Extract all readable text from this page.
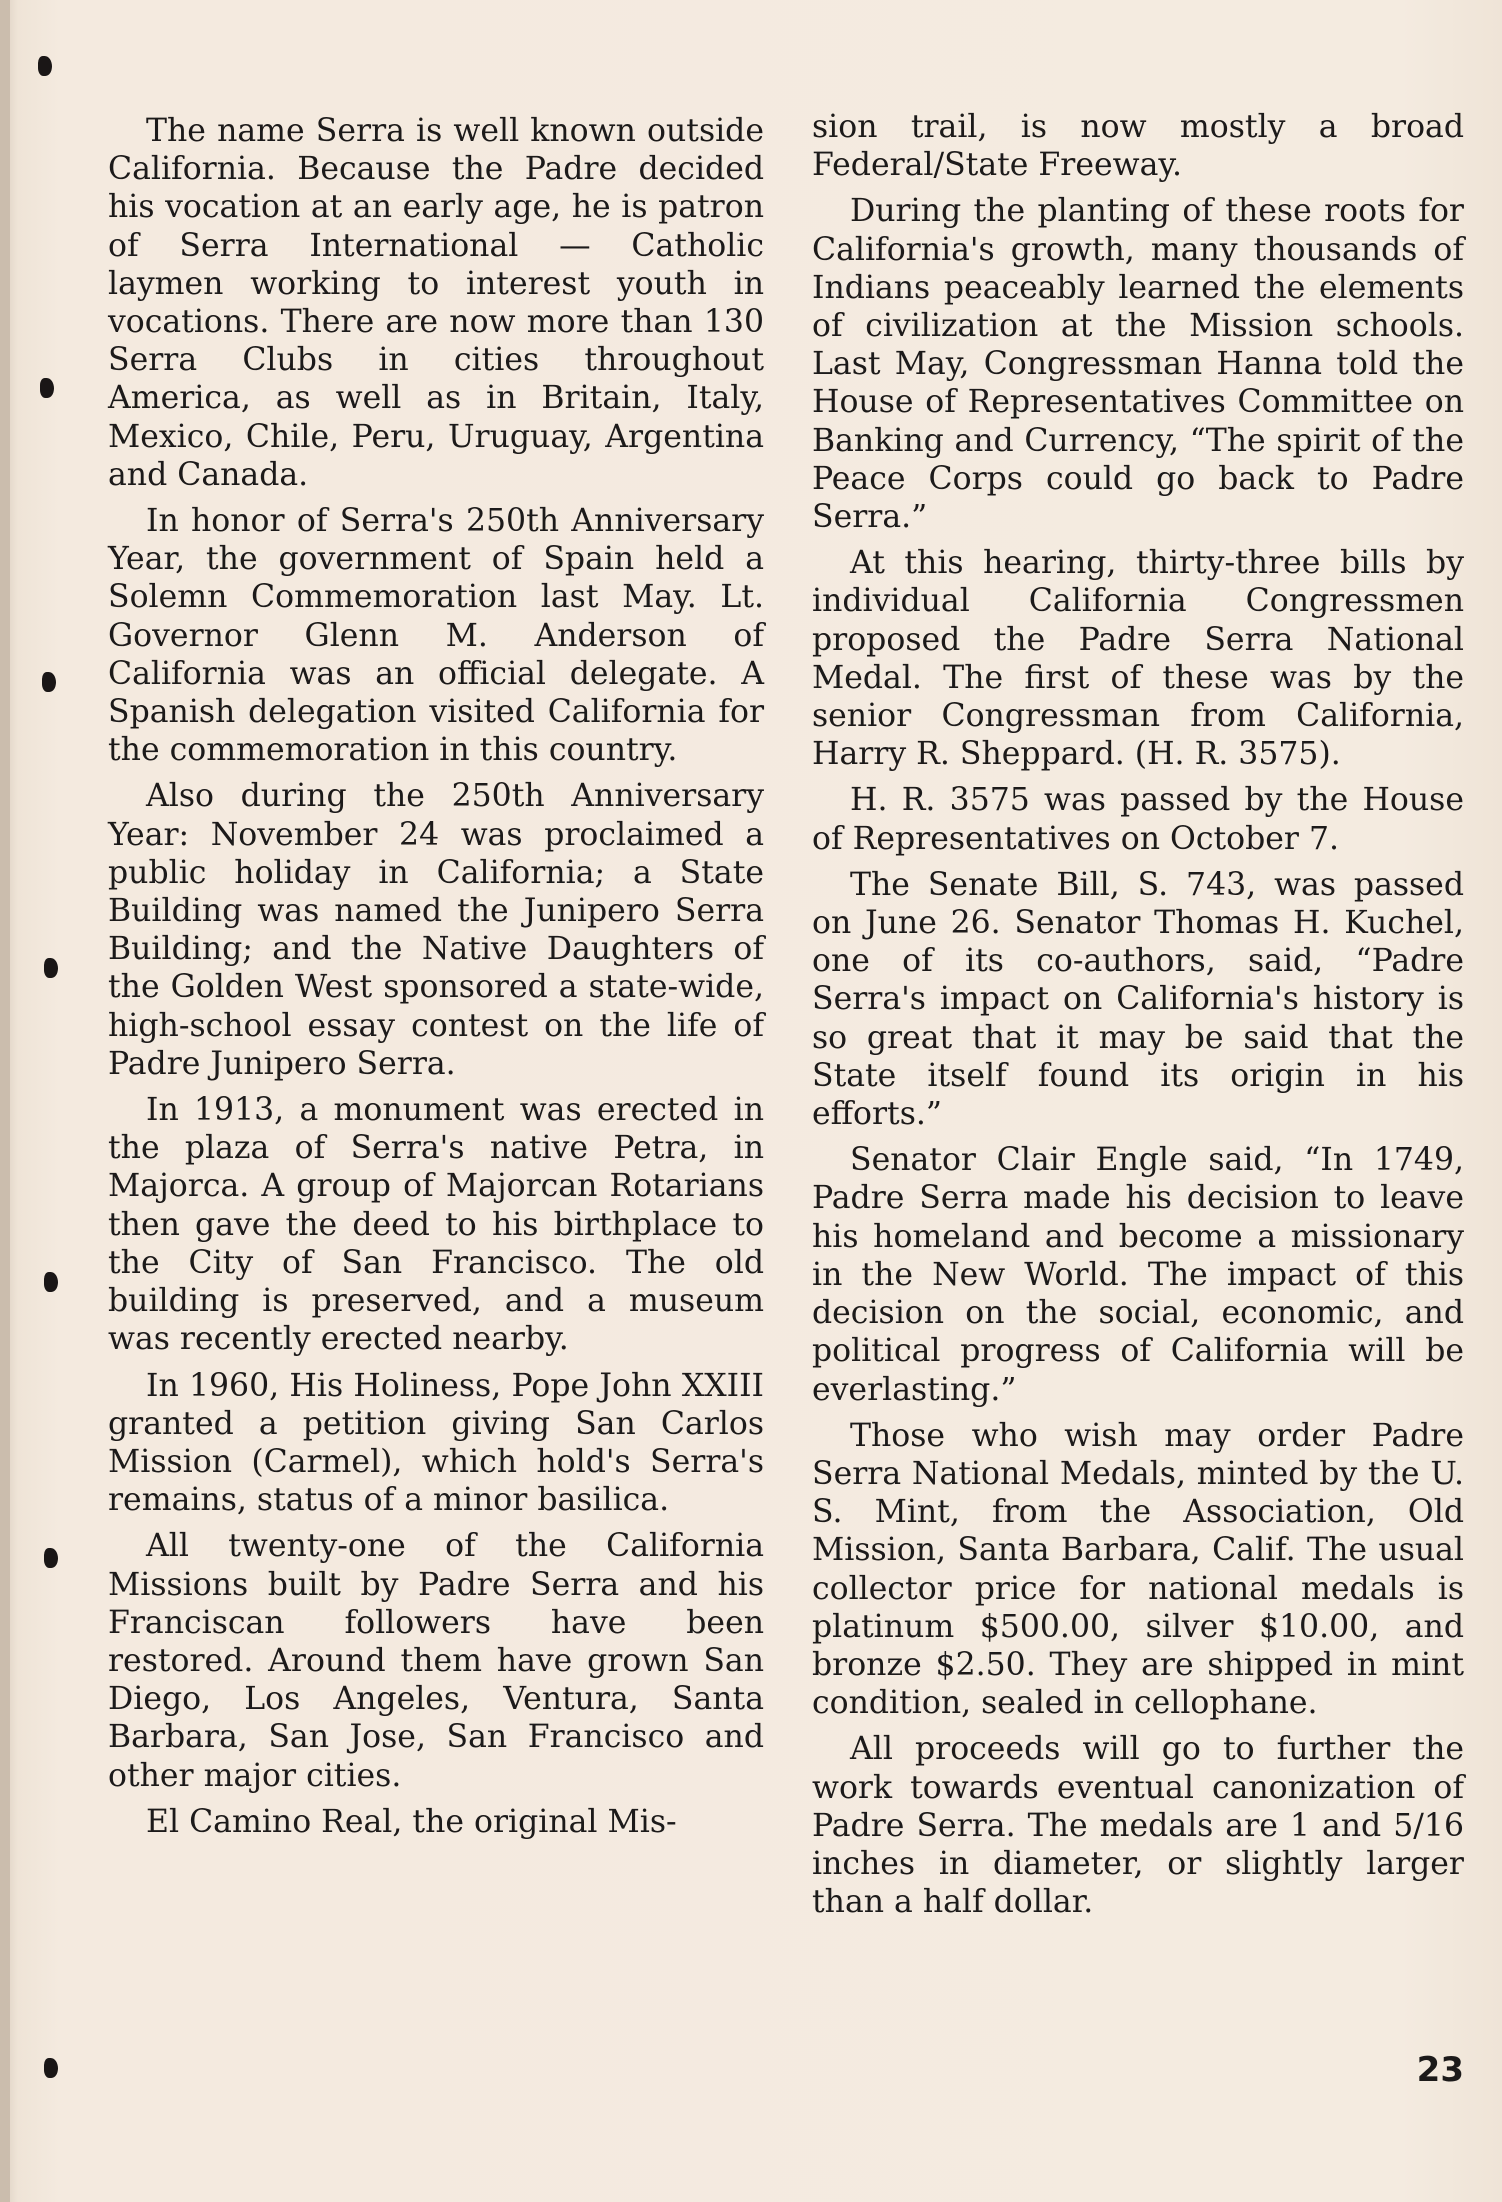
The name Serra is well known outside California. Because the Padre decided his vocation at an early age, he is patron of Serra International — Catholic laymen working to interest youth in vocations. There are now more than 130 Serra Clubs in cities throughout America, as well as in Britain, Italy, Mexico, Chile, Peru, Uruguay, Argentina and Canada.

In honor of Serra's 250th Anniversary Year, the government of Spain held a Solemn Commemoration last May. Lt. Governor Glenn M. Anderson of California was an official delegate. A Spanish delegation visited California for the commemoration in this country.

Also during the 250th Anniversary Year: November 24 was proclaimed a public holiday in California; a State Building was named the Junipero Serra Building; and the Native Daughters of the Golden West sponsored a state-wide, high-school essay contest on the life of Padre Junipero Serra.

In 1913, a monument was erected in the plaza of Serra's native Petra, in Majorca. A group of Majorcan Rotarians then gave the deed to his birthplace to the City of San Francisco. The old building is preserved, and a museum was recently erected nearby.

In 1960, His Holiness, Pope John XXIII granted a petition giving San Carlos Mission (Carmel), which hold's Serra's remains, status of a minor basilica.

All twenty-one of the California Missions built by Padre Serra and his Franciscan followers have been restored. Around them have grown San Diego, Los Angeles, Ventura, Santa Barbara, San Jose, San Francisco and other major cities.

El Camino Real, the original Mis-

sion trail, is now mostly a broad Federal/State Freeway.

During the planting of these roots for California's growth, many thousands of Indians peaceably learned the elements of civilization at the Mission schools. Last May, Congressman Hanna told the House of Representatives Committee on Banking and Currency, “The spirit of the Peace Corps could go back to Padre Serra.”

At this hearing, thirty-three bills by individual California Congressmen proposed the Padre Serra National Medal. The first of these was by the senior Congressman from California, Harry R. Sheppard. (H. R. 3575).

H. R. 3575 was passed by the House of Representatives on October 7.

The Senate Bill, S. 743, was passed on June 26. Senator Thomas H. Kuchel, one of its co-authors, said, “Padre Serra's impact on California's history is so great that it may be said that the State itself found its origin in his efforts.”

Senator Clair Engle said, “In 1749, Padre Serra made his decision to leave his homeland and become a missionary in the New World. The impact of this decision on the social, economic, and political progress of California will be everlasting.”

Those who wish may order Padre Serra National Medals, minted by the U. S. Mint, from the Association, Old Mission, Santa Barbara, Calif. The usual collector price for national medals is platinum $500.00, silver $10.00, and bronze $2.50. They are shipped in mint condition, sealed in cellophane.

All proceeds will go to further the work towards eventual canonization of Padre Serra. The medals are 1 and 5/16 inches in diameter, or slightly larger than a half dollar.

23
